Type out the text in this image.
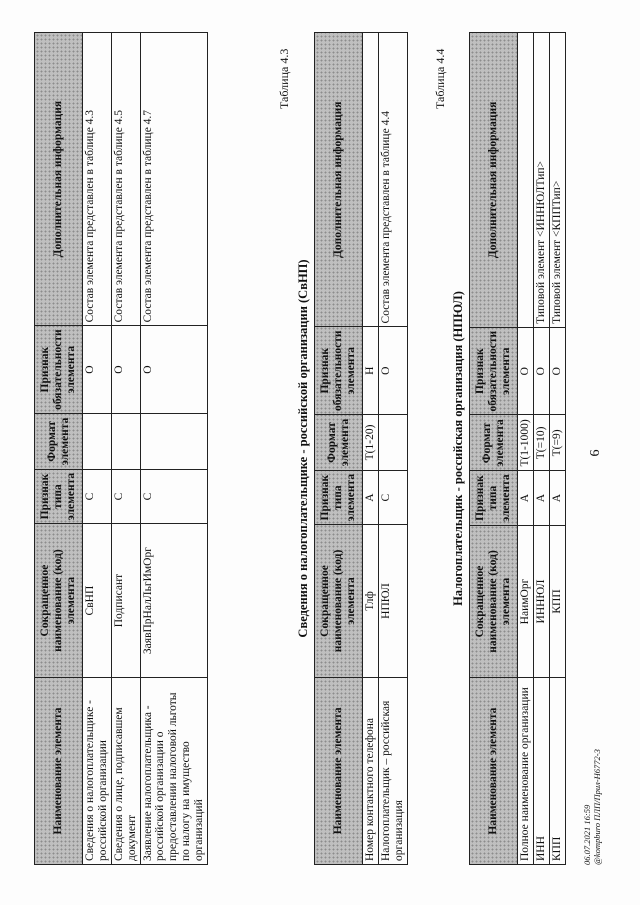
6
Наименование элемента	Сокращенное наименование (код) элемента	Признак типа элемента	Формат элемента	Признак обязательности элемента	Дополнительная информация
Сведения о налогоплательщике - российской организации	СвНП	С		О	Состав элемента представлен в таблице 4.3
Сведения о лице, подписавшем документ	Подписант	С		О	Состав элемента представлен в таблице 4.5
Заявление налогоплательщика - российской организации о предоставлении налоговой льготы по налогу на имущество организаций	ЗаявПрНалЛьгИмОрг	С		О	Состав элемента представлен в таблице 4.7
Таблица 4.3
Сведения о налогоплательщике - российской организации (СвНП)
Наименование элемента	Сокращенное наименование (код) элемента	Признак типа элемента	Формат элемента	Признак обязательности элемента	Дополнительная информация
Номер контактного телефона	Тлф	А	T(1-20)	Н	
Налогоплательщик – российская организация	НПЮЛ	С		О	Состав элемента представлен в таблице 4.4
Таблица 4.4
Налогоплательщик - российская организация (НПЮЛ)
Наименование элемента	Сокращенное наименование (код) элемента	Признак типа элемента	Формат элемента	Признак обязательности элемента	Дополнительная информация
Полное наименование организации	НаимОрг	А	T(1-1000)	О	
ИНН	ИННЮЛ	А	T(=10)	О	Типовой элемент <ИННЮЛТип>
КПП	КПП	А	T(=9)	О	Типовой элемент <КППТип>
06.07.2021 16:59 @kompburo ПЛП/Прил-Н6772-3
